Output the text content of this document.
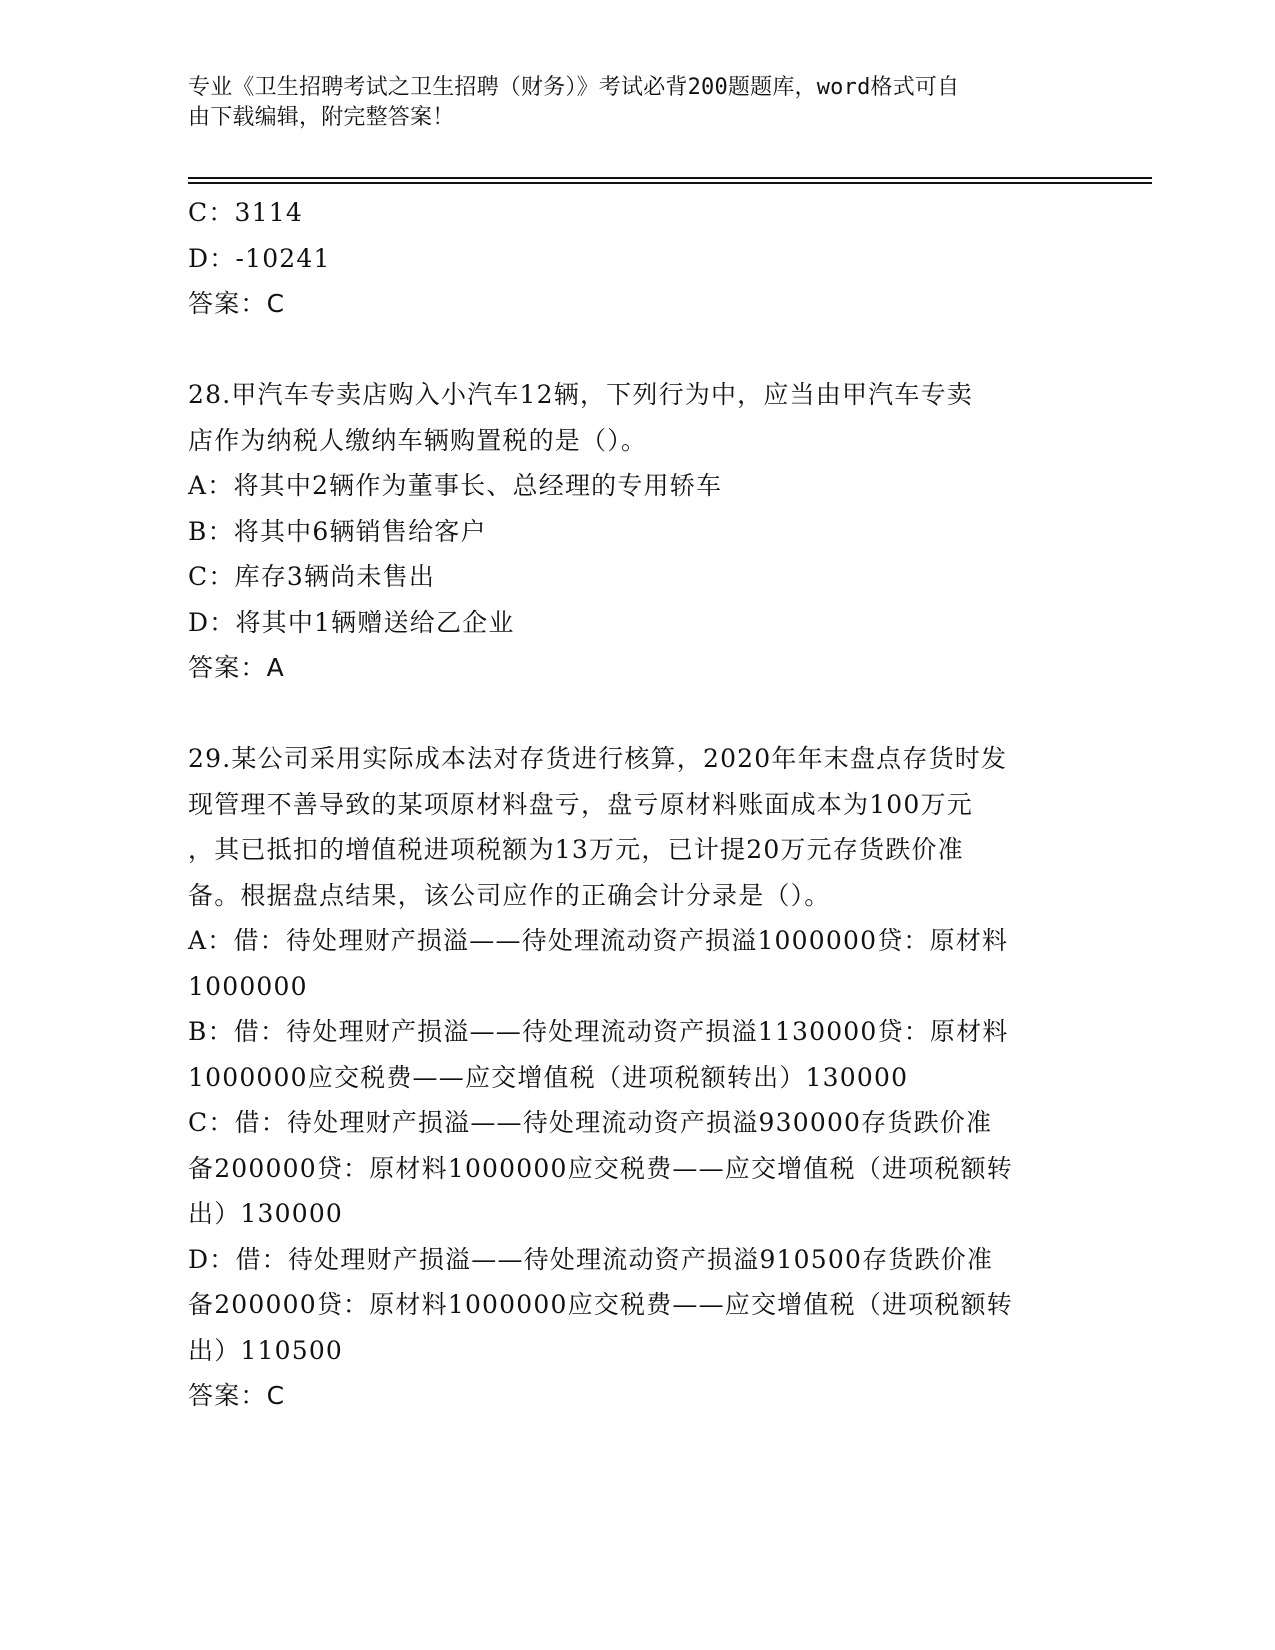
专业《卫生招聘考试之卫生招聘（财务）》考试必背200题题库，word格式可自
由下载编辑，附完整答案！
C：3114
D：-10241
答案：C
28.甲汽车专卖店购入小汽车12辆，下列行为中，应当由甲汽车专卖
店作为纳税人缴纳车辆购置税的是（）。
A：将其中2辆作为董事长、总经理的专用轿车
B：将其中6辆销售给客户
C：库存3辆尚未售出
D：将其中1辆赠送给乙企业
答案：A
29.某公司采用实际成本法对存货进行核算，2020年年末盘点存货时发
现管理不善导致的某项原材料盘亏，盘亏原材料账面成本为100万元
，其已抵扣的增值税进项税额为13万元，已计提20万元存货跌价准
备。根据盘点结果，该公司应作的正确会计分录是（）。
A：借：待处理财产损溢——待处理流动资产损溢1000000贷：原材料
1000000
B：借：待处理财产损溢——待处理流动资产损溢1130000贷：原材料
1000000应交税费——应交增值税（进项税额转出）130000
C：借：待处理财产损溢——待处理流动资产损溢930000存货跌价准
备200000贷：原材料1000000应交税费——应交增值税（进项税额转
出）130000
D：借：待处理财产损溢——待处理流动资产损溢910500存货跌价准
备200000贷：原材料1000000应交税费——应交增值税（进项税额转
出）110500
答案：C
